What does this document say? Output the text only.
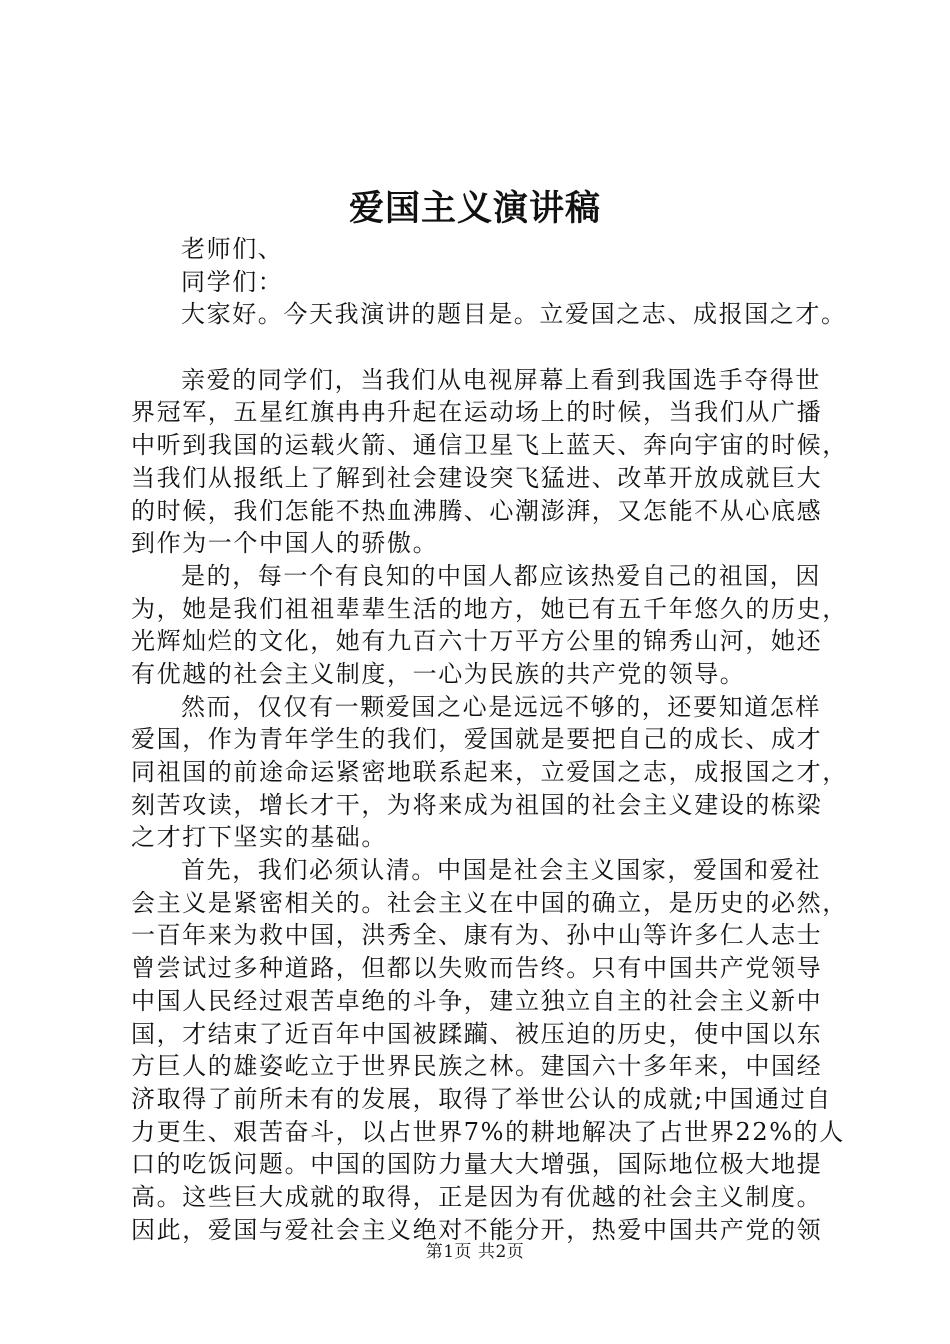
爱国主义演讲稿
老师们、
同学们：
大家好。今天我演讲的题目是。立爱国之志、成报国之才。
亲爱的同学们，当我们从电视屏幕上看到我国选手夺得世
界冠军，五星红旗冉冉升起在运动场上的时候，当我们从广播
中听到我国的运载火箭、通信卫星飞上蓝天、奔向宇宙的时候，
当我们从报纸上了解到社会建设突飞猛进、改革开放成就巨大
的时候，我们怎能不热血沸腾、心潮澎湃，又怎能不从心底感
到作为一个中国人的骄傲。
是的，每一个有良知的中国人都应该热爱自己的祖国，因
为，她是我们祖祖辈辈生活的地方，她已有五千年悠久的历史，
光辉灿烂的文化，她有九百六十万平方公里的锦秀山河，她还
有优越的社会主义制度，一心为民族的共产党的领导。
然而，仅仅有一颗爱国之心是远远不够的，还要知道怎样
爱国，作为青年学生的我们，爱国就是要把自己的成长、成才
同祖国的前途命运紧密地联系起来，立爱国之志，成报国之才，
刻苦攻读，增长才干，为将来成为祖国的社会主义建设的栋梁
之才打下坚实的基础。
首先，我们必须认清。中国是社会主义国家，爱国和爱社
会主义是紧密相关的。社会主义在中国的确立，是历史的必然，
一百年来为救中国，洪秀全、康有为、孙中山等许多仁人志士
曾尝试过多种道路，但都以失败而告终。只有中国共产党领导
中国人民经过艰苦卓绝的斗争，建立独立自主的社会主义新中
国，才结束了近百年中国被蹂躏、被压迫的历史，使中国以东
方巨人的雄姿屹立于世界民族之林。建国六十多年来，中国经
济取得了前所未有的发展，取得了举世公认的成就;中国通过自
力更生、艰苦奋斗，以占世界7%的耕地解决了占世界22%的人
口的吃饭问题。中国的国防力量大大增强，国际地位极大地提
高。这些巨大成就的取得，正是因为有优越的社会主义制度。
因此，爱国与爱社会主义绝对不能分开，热爱中国共产党的领
第1页 共2页
